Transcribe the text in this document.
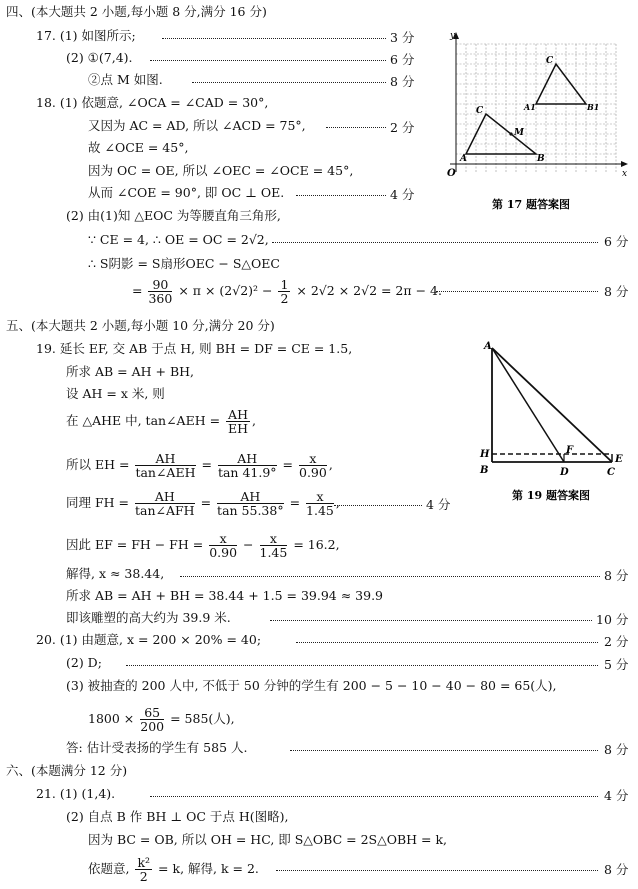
四、(本大题共 2 小题,每小题 8 分,满分 16 分)
17. (1) 如图所示;	3 分
(2) ①(7,4).	6 分
②点 M 如图.	8 分
18. (1) 依题意, ∠OCA = ∠CAD = 30°,
又因为 AC = AD, 所以 ∠ACD = 75°,	2 分
故 ∠OCE = 45°,
因为 OC = OE, 所以 ∠OEC = ∠OCE = 45°,
从而 ∠COE = 90°, 即 OC ⊥ OE.	4 分
(2) 由(1)知 △EOC 为等腰直角三角形,
∵ CE = 4, ∴ OE = OC = 2√2,	6 分
∴ S阴影 = S扇形OEC − S△OEC
= $\frac{90}{360} \times \pi \times (2√2)^2 - \frac{1}{2} \times 2√2 \times 2√2 = 2\pi - 4$.	8 分
y
x
O
A	B
C
M
A1	B1
C
第 17 题答案图
五、(本大题共 2 小题,每小题 10 分,满分 20 分)
19. 延长 EF, 交 AB 于点 H, 则 BH = DF = CE = 1.5,
所求 AB = AH + BH,
设 AH = x 米, 则
在 △AHE 中, tan∠AEH = $\frac{AH}{EH}$ ,
所以 EH = $\frac{AH}{\text{tan∠AEH}} = \frac{AH}{\tan 41.9^\circ} = \frac{x}{0.90}$ ,
同理 FH = $\frac{AH}{\text{tan∠AFH}} = \frac{AH}{\tan 55.38^\circ} = \frac{x}{1.45}$ ,	4 分
因此 EF = FH − FH = $\frac{x}{0.90} - \frac{x}{1.45} = 16.2$,
解得, x ≈ 38.44,	8 分
所求 AB = AH + BH = 38.44 + 1.5 = 39.94 ≈ 39.9
即该雕塑的高大约为 39.9 米.	10 分
20. (1) 由题意, x = 200 × 20% = 40;	2 分
(2) D;	5 分
(3) 被抽查的 200 人中, 不低于 50 分钟的学生有 200 − 5 − 10 − 40 − 80 = 65(人),
$1800 \times \frac{65}{200} = 585$(人),
答: 估计受表扬的学生有 585 人.	8 分
A
H
B	D
F
E
C
第 19 题答案图
六、(本题满分 12 分)
21. (1) (1,4).	4 分
(2) 自点 B 作 BH ⊥ OC 于点 H(图略),
因为 BC = OB, 所以 OH = HC, 即 S△OBC = 2S△OBH = k,
依题意, $\frac{\text{k²}}{2} = k$, 解得, k = 2.	8 分
